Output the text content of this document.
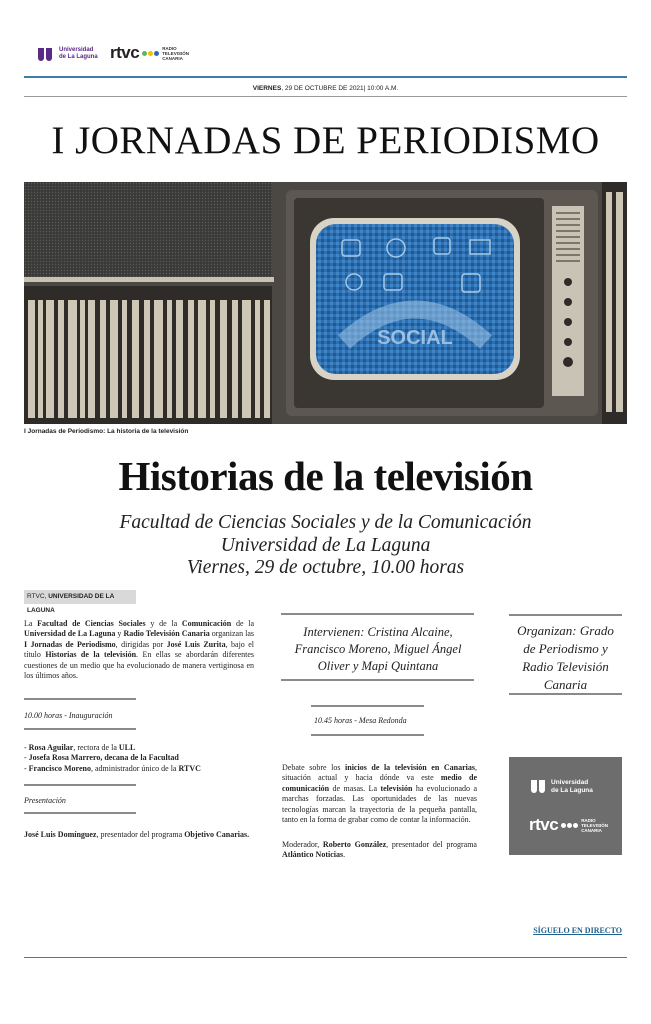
Universidad
de La Laguna rtvc	RADIO
TELEVISIÓN
CANARIA
VIERNES, 29 DE OCTUBRE DE 2021| 10:00 A.M.
I JORNADAS DE PERIODISMO
SOCIAL
I Jornadas de Periodismo: La historia de la televisión
Historias de la televisión
Facultad de Ciencias Sociales y de la Comunicación
Universidad de La Laguna
Viernes, 29 de octubre, 10.00 horas
RTVC, UNIVERSIDAD DE LA LAGUNA
La Facultad de Ciencias Sociales y de la Comunicación de la Universidad de La Laguna y Radio Televisión Canaria organizan las I Jornadas de Periodismo, dirigidas por José Luis Zurita, bajo el título Historias de la televisión. En ellas se abordarán diferentes cuestiones de un medio que ha evolucionado de manera vertiginosa en los últimos años.
10.00 horas - Inauguración
- Rosa Aguilar, rectora de la ULL
- Josefa Rosa Marrero, decana de la Facultad
- Francisco Moreno, administrador único de la RTVC
Presentación
José Luis Domínguez, presentador del programa Objetivo Canarias.
Intervienen: Cristina Alcaine,
Francisco Moreno, Miguel Ángel
Oliver y Mapi Quintana
10.45 horas - Mesa Redonda
Debate sobre los inicios de la televisión en Canarias, situación actual y hacia dónde va este medio de comunicación de masas. La televisión ha evolucionado a marchas forzadas. Las oportunidades de las nuevas tecnologías marcan la trayectoria de la pequeña pantalla, tanto en la forma de grabar como de contar la información.
Moderador, Roberto González, presentador del programa Atlántico Noticias.
Organizan: Grado
de Periodismo y
Radio Televisión
Canaria
Universidad
de La Laguna
rtvc	RADIO
TELEVISIÓN
CANARIA
SÍGUELO EN DIRECTO
